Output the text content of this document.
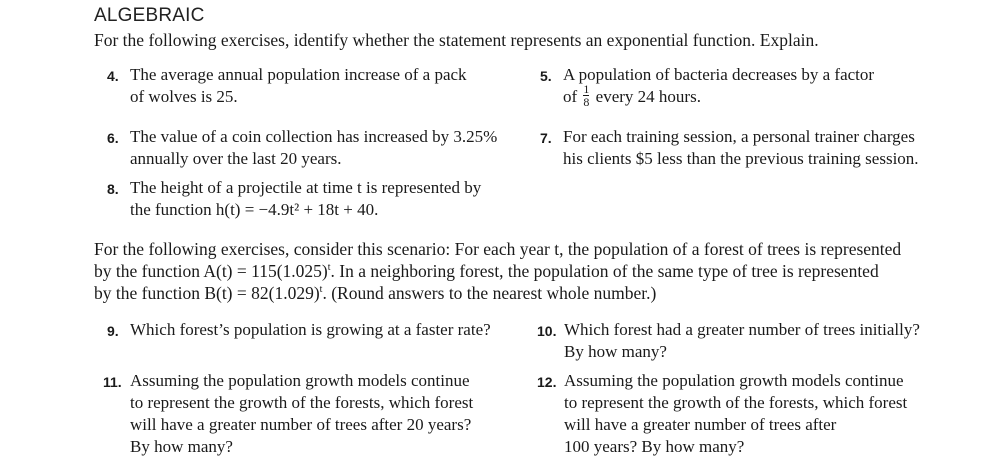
ALGEBRAIC

For the following exercises, identify whether the statement represents an exponential function. Explain.

4. The average annual population increase of a pack
of wolves is 25.
5. A population of bacteria decreases by a factor
of $\frac{1}{8}$ every 24 hours.
6. The value of a coin collection has increased by 3.25%
annually over the last 20 years.
7. For each training session, a personal trainer charges
his clients $5 less than the previous training session.
8. The height of a projectile at time t is represented by
the function h(t) = −4.9t² + 18t + 40.
For the following exercises, consider this scenario: For each year t, the population of a forest of trees is represented
by the function $A(t) = 115(1.025)^t$. In a neighboring forest, the population of the same type of tree is represented
by the function $B(t) = 82(1.029)^t$. (Round answers to the nearest whole number.)
9. Which forest’s population is growing at a faster rate?	10. Which forest had a greater number of trees initially?
By how many?
11. Assuming the population growth models continue
to represent the growth of the forests, which forest
will have a greater number of trees after 20 years?
By how many?
12. Assuming the population growth models continue
to represent the growth of the forests, which forest
will have a greater number of trees after
100 years? By how many?
